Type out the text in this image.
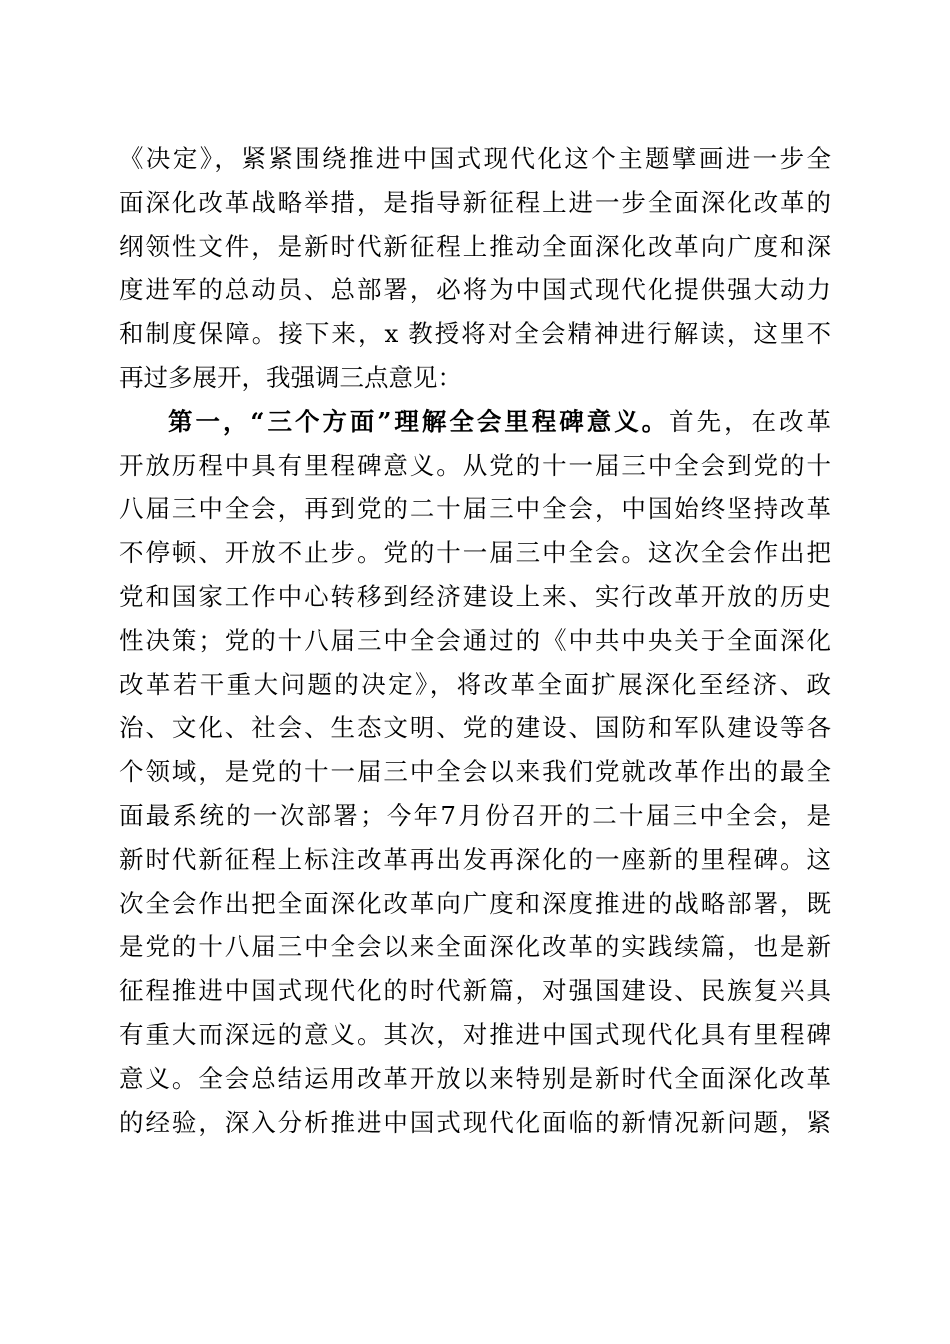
《决定》，紧紧围绕推进中国式现代化这个主题擘画进一步全
面深化改革战略举措，是指导新征程上进一步全面深化改革的
纲领性文件，是新时代新征程上推动全面深化改革向广度和深
度进军的总动员、总部署，必将为中国式现代化提供强大动力
和制度保障。接下来，x 教授将对全会精神进行解读，这里不
再过多展开，我强调三点意见：
第一，“三个方面”理解全会里程碑意义。首先，在改革
开放历程中具有里程碑意义。从党的十一届三中全会到党的十
八届三中全会，再到党的二十届三中全会，中国始终坚持改革
不停顿、开放不止步。党的十一届三中全会。这次全会作出把
党和国家工作中心转移到经济建设上来、实行改革开放的历史
性决策；党的十八届三中全会通过的《中共中央关于全面深化
改革若干重大问题的决定》，将改革全面扩展深化至经济、政
治、文化、社会、生态文明、党的建设、国防和军队建设等各
个领域，是党的十一届三中全会以来我们党就改革作出的最全
面最系统的一次部署；今年7月份召开的二十届三中全会，是
新时代新征程上标注改革再出发再深化的一座新的里程碑。这
次全会作出把全面深化改革向广度和深度推进的战略部署，既
是党的十八届三中全会以来全面深化改革的实践续篇，也是新
征程推进中国式现代化的时代新篇，对强国建设、民族复兴具
有重大而深远的意义。其次，对推进中国式现代化具有里程碑
意义。全会总结运用改革开放以来特别是新时代全面深化改革
的经验，深入分析推进中国式现代化面临的新情况新问题，紧
